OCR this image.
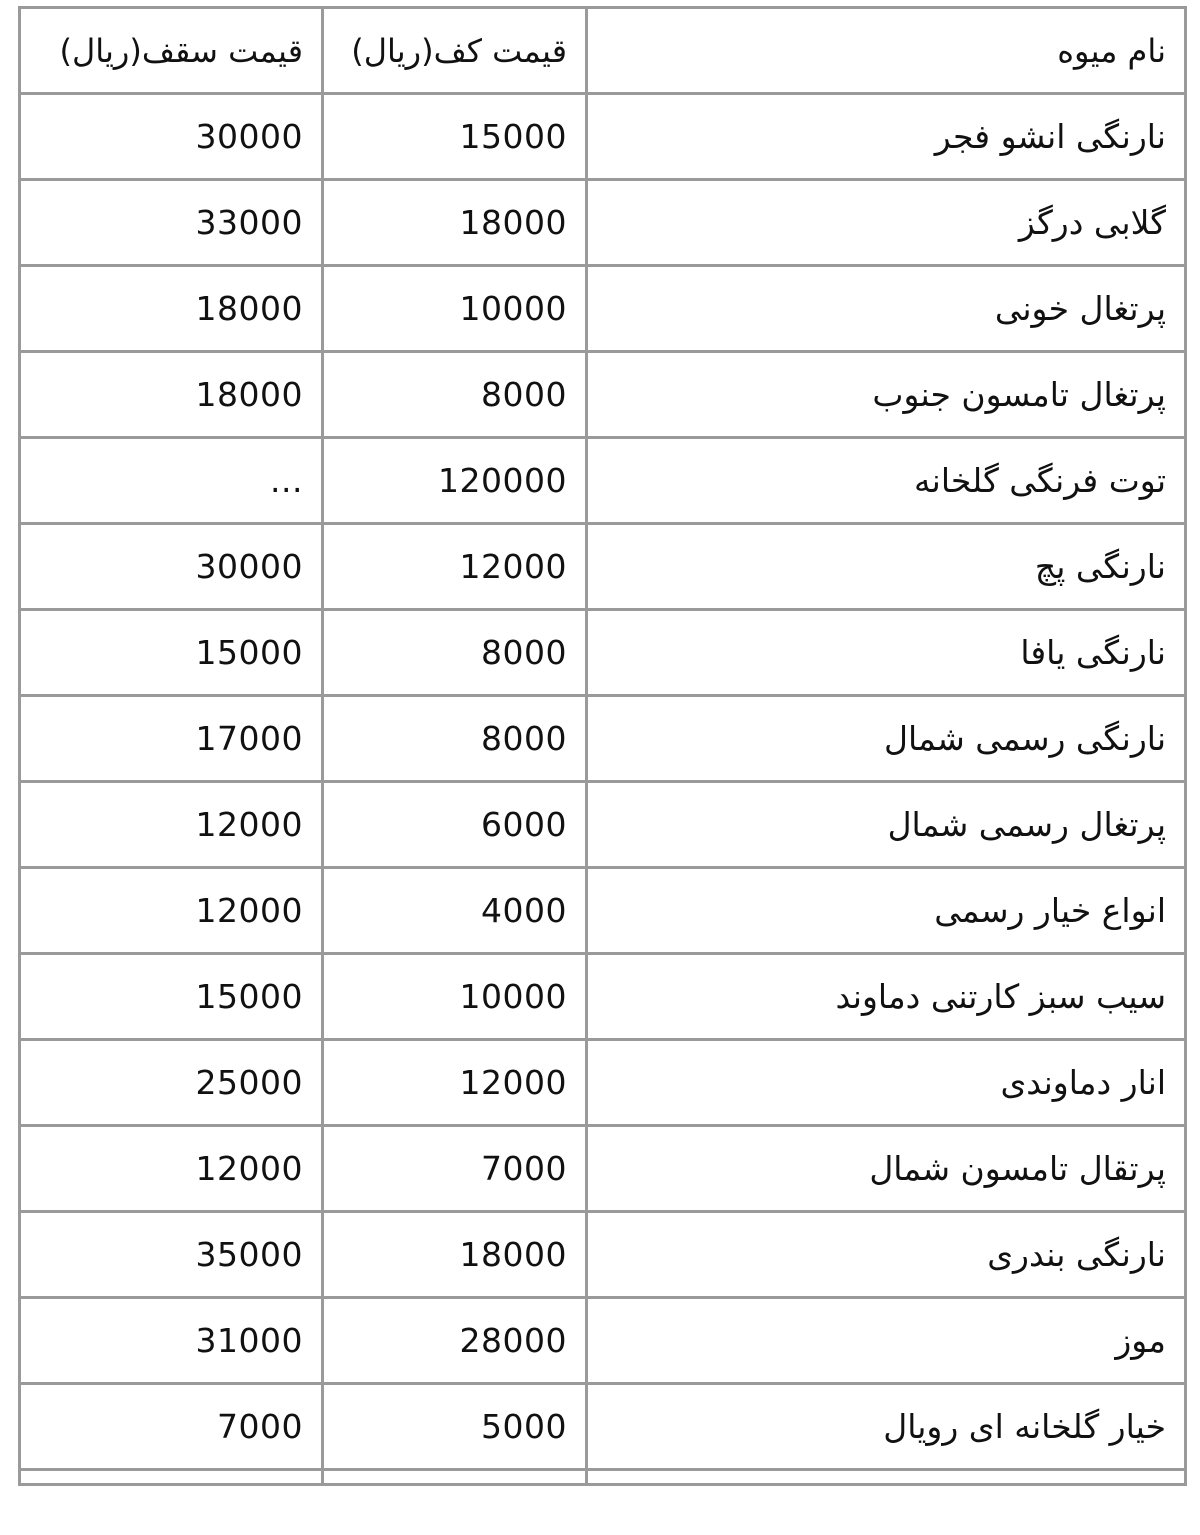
نام میوه	قیمت کف(ریال)	قیمت سقف(ریال)
نارنگی انشو فجر	15000	30000
گلابی درگز	18000	33000
پرتغال خونی	10000	18000
پرتغال تامسون جنوب	8000	18000
توت فرنگی گلخانه	120000	...
نارنگی پچ	12000	30000
نارنگی یافا	8000	15000
نارنگی رسمی شمال	8000	17000
پرتغال رسمی شمال	6000	12000
انواع خیار رسمی	4000	12000
سیب سبز کارتنی دماوند	10000	15000
انار دماوندی	12000	25000
پرتقال تامسون شمال	7000	12000
نارنگی بندری	18000	35000
موز	28000	31000
خیار گلخانه ای رویال	5000	7000
